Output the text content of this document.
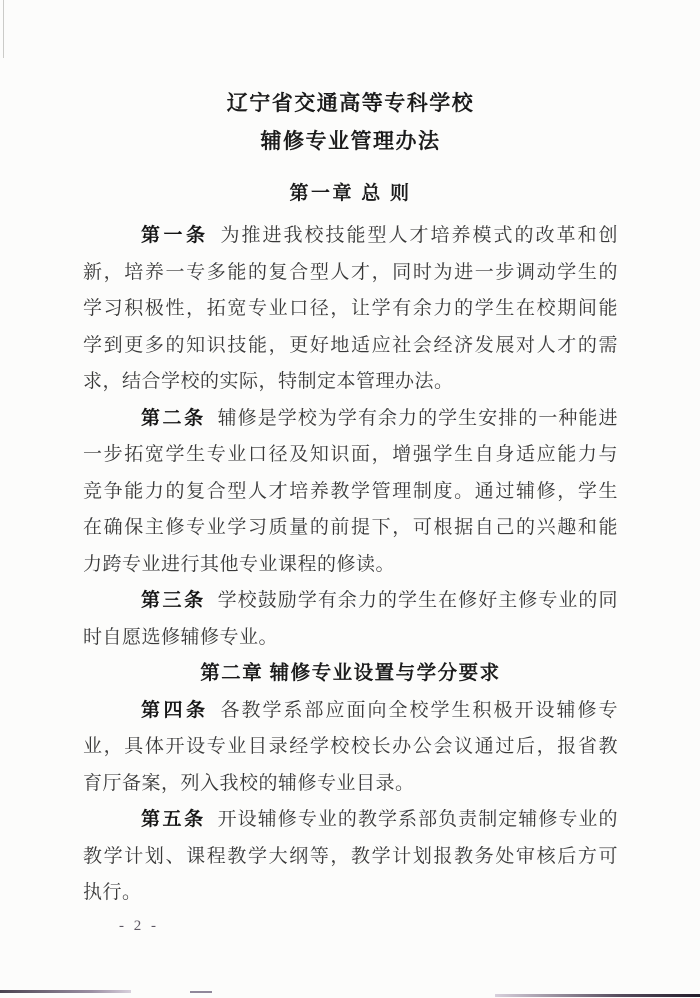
辽宁省交通高等专科学校
辅修专业管理办法
第一章 总 则
第一条 为推进我校技能型人才培养模式的改革和创
新，培养一专多能的复合型人才，同时为进一步调动学生的
学习积极性，拓宽专业口径，让学有余力的学生在校期间能
学到更多的知识技能，更好地适应社会经济发展对人才的需
求，结合学校的实际，特制定本管理办法。
第二条 辅修是学校为学有余力的学生安排的一种能进
一步拓宽学生专业口径及知识面，增强学生自身适应能力与
竞争能力的复合型人才培养教学管理制度。通过辅修，学生
在确保主修专业学习质量的前提下，可根据自己的兴趣和能
力跨专业进行其他专业课程的修读。
第三条 学校鼓励学有余力的学生在修好主修专业的同
时自愿选修辅修专业。
第二章 辅修专业设置与学分要求
第四条 各教学系部应面向全校学生积极开设辅修专
业，具体开设专业目录经学校校长办公会议通过后，报省教
育厅备案，列入我校的辅修专业目录。
第五条 开设辅修专业的教学系部负责制定辅修专业的
教学计划、课程教学大纲等，教学计划报教务处审核后方可
执行。
- 2 -
